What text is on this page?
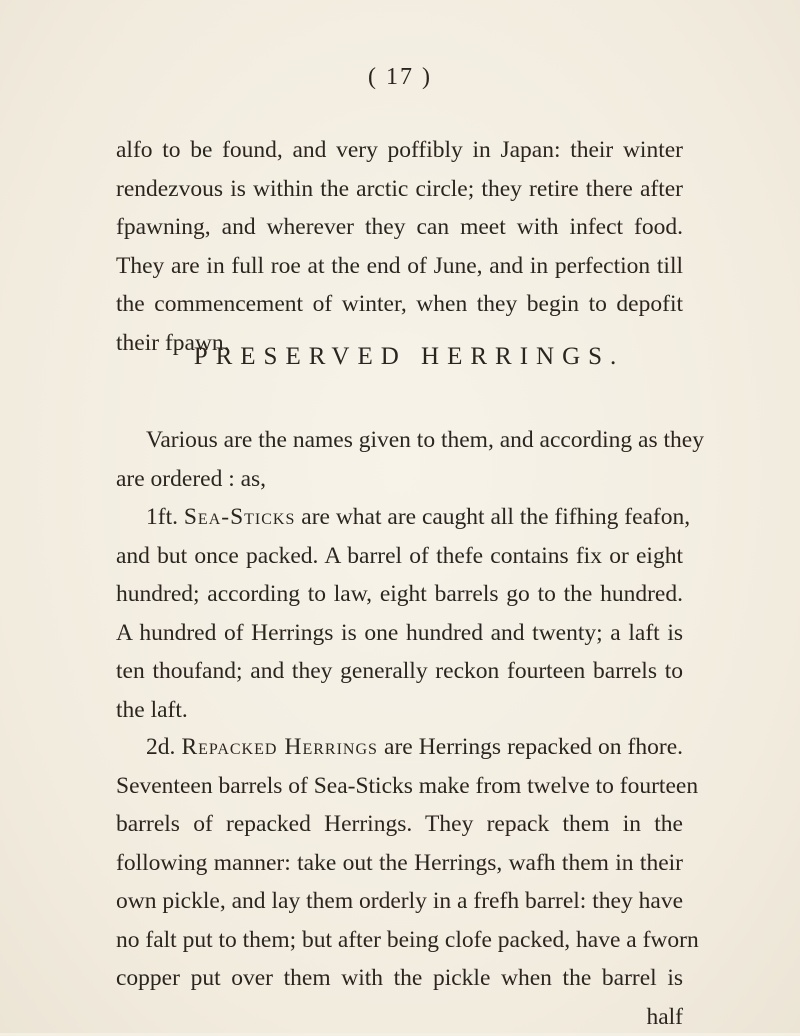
( 17 )
alfo to be found, and very poffibly in Japan: their winter
rendezvous is within the arctic circle; they retire there after
fpawning, and wherever they can meet with infect food.
They are in full roe at the end of June, and in perfection till
the commencement of winter, when they begin to depofit
their fpawn.
PRESERVED HERRINGS.
Various are the names given to them, and according as they
are ordered : as,
1ft. Sea-Sticks are what are caught all the fifhing feafon,
and but once packed. A barrel of thefe contains fix or eight
hundred; according to law, eight barrels go to the hundred.
A hundred of Herrings is one hundred and twenty; a laft is
ten thoufand; and they generally reckon fourteen barrels to
the laft.
2d. Repacked Herrings are Herrings repacked on fhore.
Seventeen barrels of Sea-Sticks make from twelve to fourteen
barrels of repacked Herrings. They repack them in the
following manner: take out the Herrings, wafh them in their
own pickle, and lay them orderly in a frefh barrel: they have
no falt put to them; but after being clofe packed, have a fworn
copper put over them with the pickle when the barrel is
half
